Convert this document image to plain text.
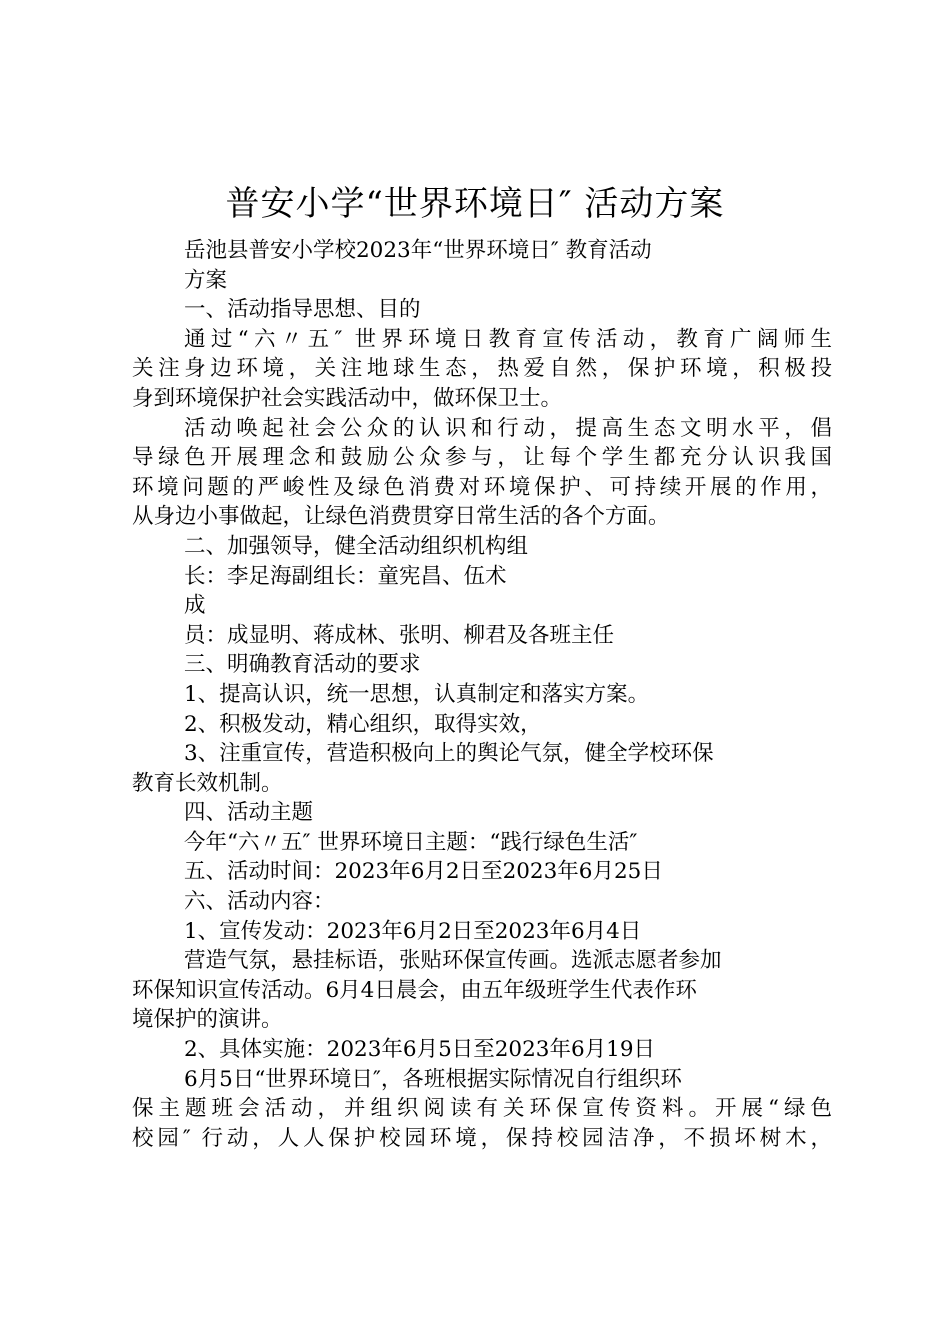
普安小学“世界环境日″ 活动方案

岳池县普安小学校2023年“世界环境日″ 教育活动

方案

一、活动指导思想、目的

通过“六〃五″ 世界环境日教育宣传活动，教育广阔师生

关注身边环境，关注地球生态，热爱自然，保护环境，积极投

身到环境保护社会实践活动中，做环保卫士。

活动唤起社会公众的认识和行动，提高生态文明水平，倡

导绿色开展理念和鼓励公众参与，让每个学生都充分认识我国

环境问题的严峻性及绿色消费对环境保护、可持续开展的作用，

从身边小事做起，让绿色消费贯穿日常生活的各个方面。

二、加强领导，健全活动组织机构组

长：李足海副组长：童宪昌、伍术

成

员：成显明、蒋成林、张明、柳君及各班主任

三、明确教育活动的要求

1、提高认识，统一思想，认真制定和落实方案。

2、积极发动，精心组织，取得实效，

3、注重宣传，营造积极向上的舆论气氛，健全学校环保

教育长效机制。

四、活动主题

今年“六〃五″ 世界环境日主题：“践行绿色生活″

五、活动时间：2023年6月2日至2023年6月25日

六、活动内容：

1、宣传发动：2023年6月2日至2023年6月4日

营造气氛，悬挂标语，张贴环保宣传画。选派志愿者参加

环保知识宣传活动。6月4日晨会，由五年级班学生代表作环

境保护的演讲。

2、具体实施：2023年6月5日至2023年6月19日

6月5日“世界环境日″，各班根据实际情况自行组织环

保主题班会活动，并组织阅读有关环保宣传资料。开展“绿色

校园″ 行动，人人保护校园环境，保持校园洁净，不损坏树木，
